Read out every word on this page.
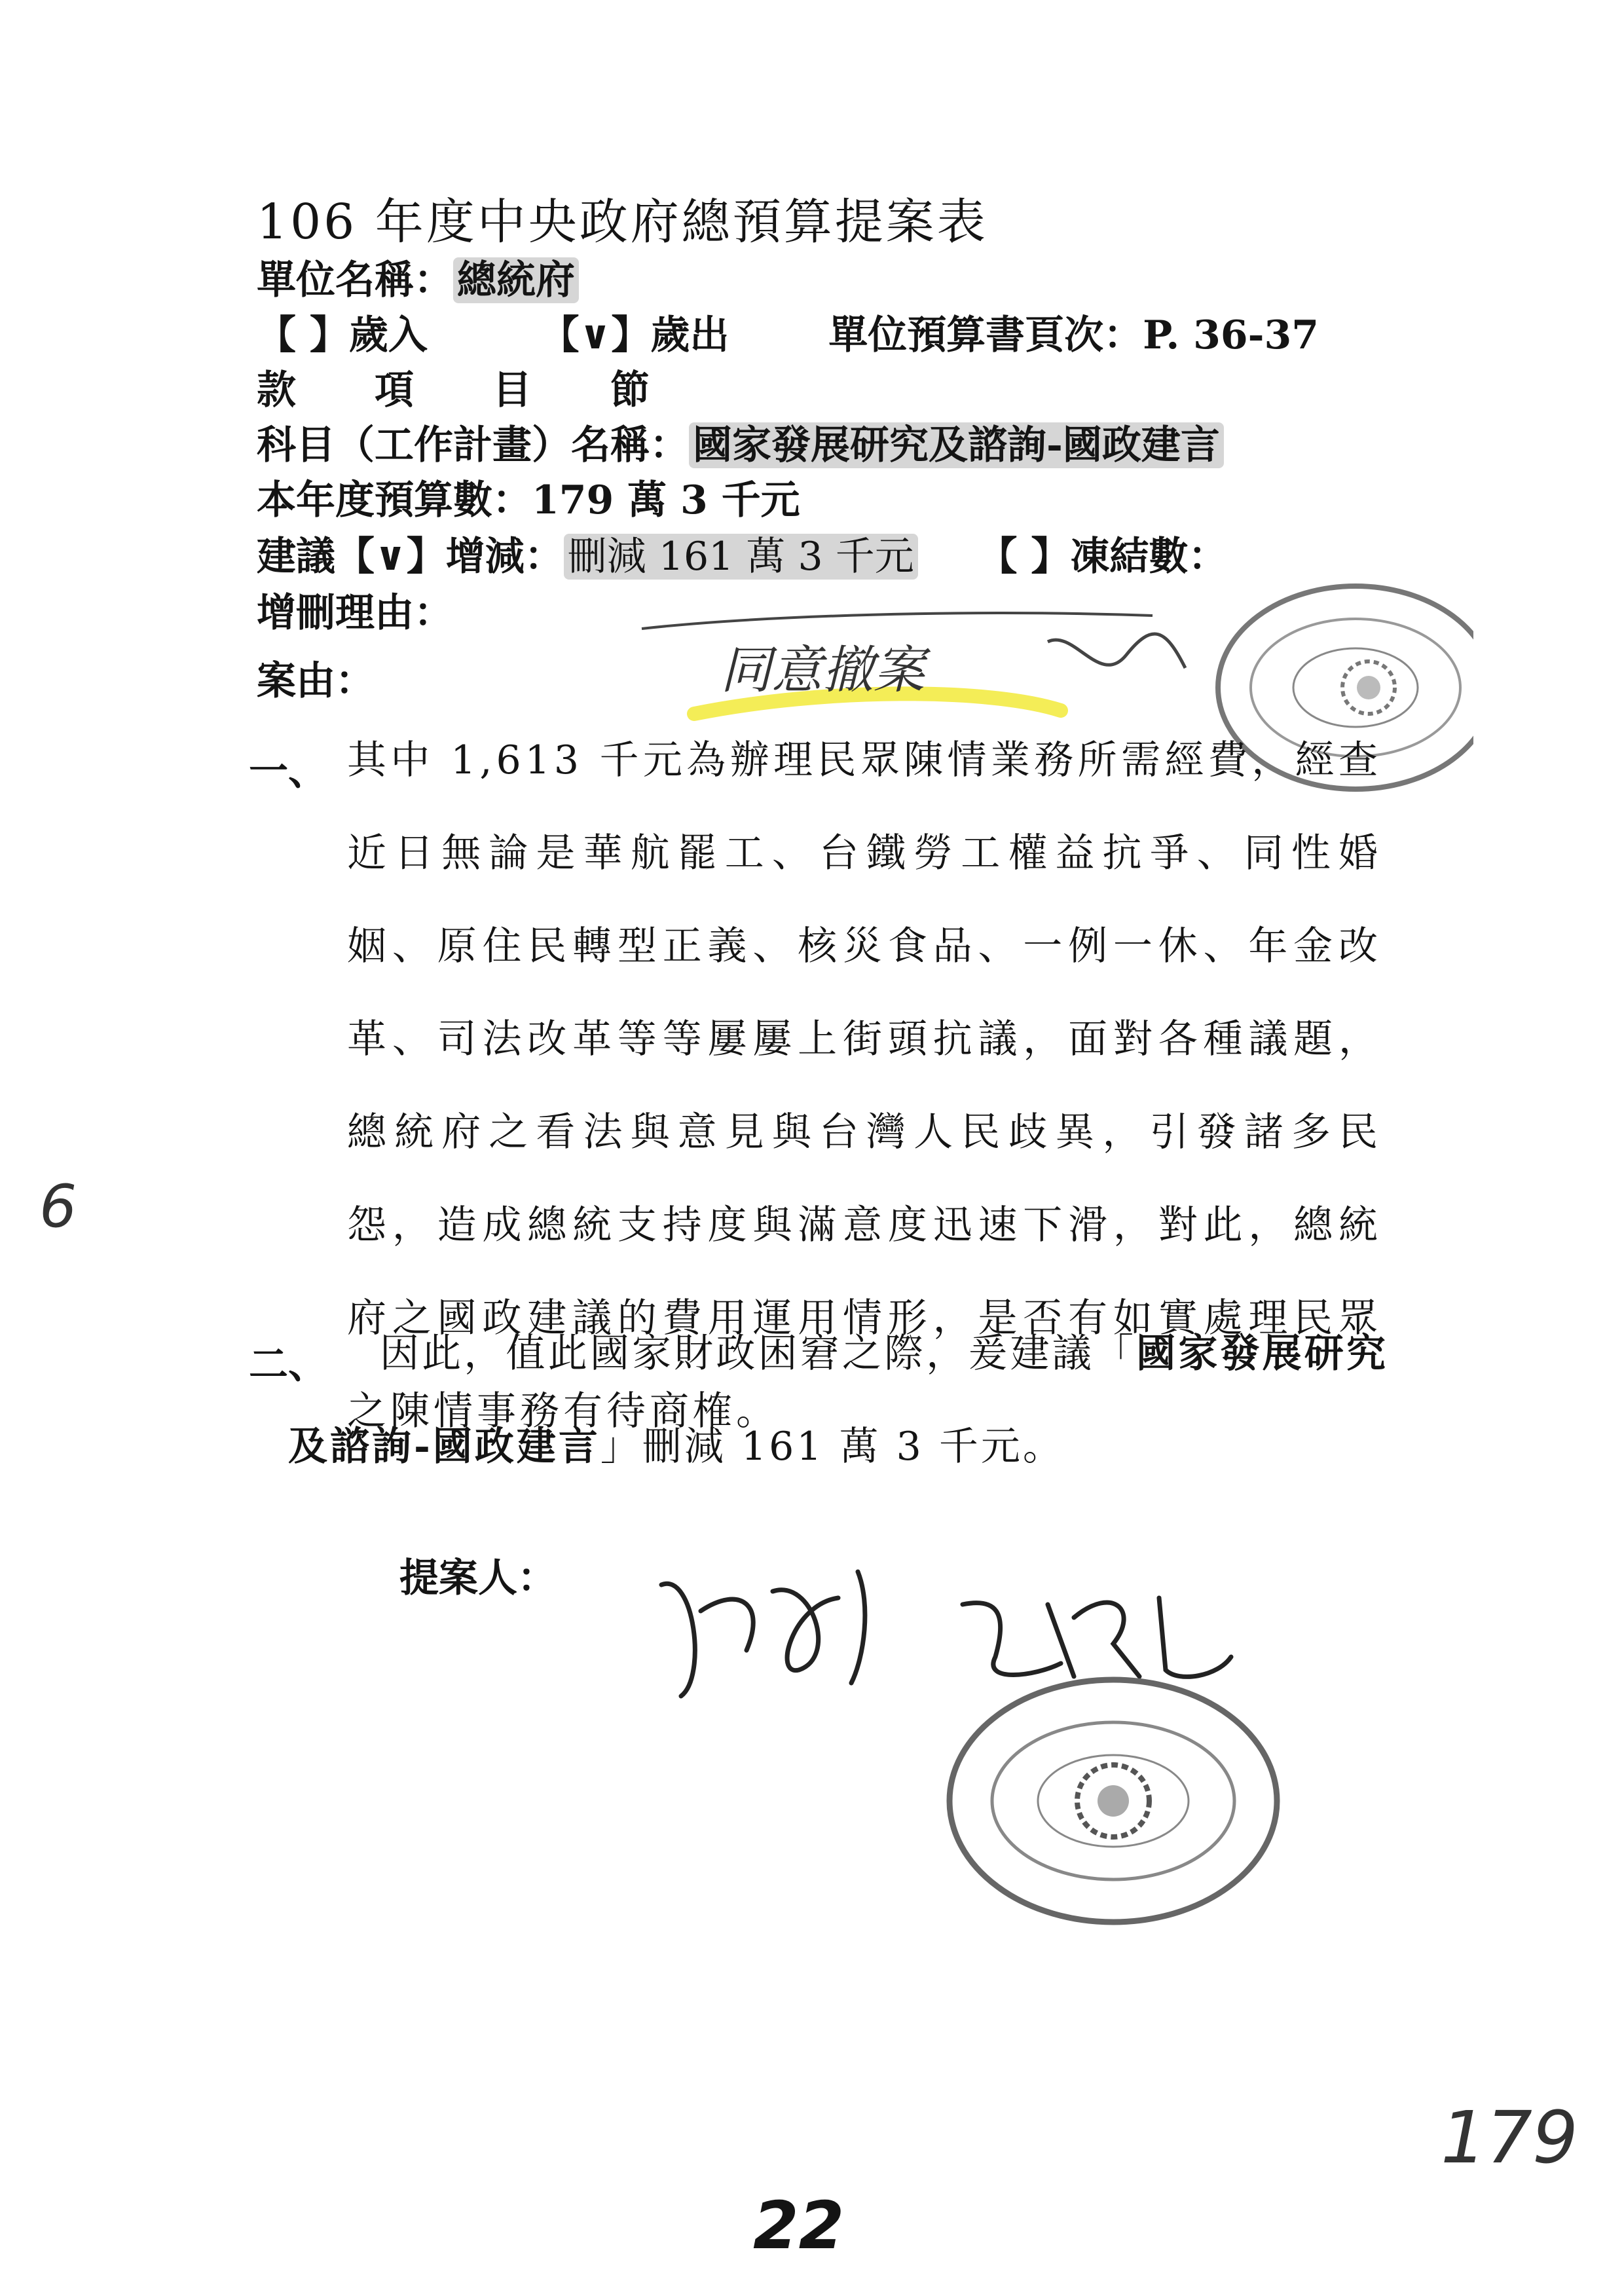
106 年度中央政府總預算提案表
單位名稱： 總統府
【 】歲入	【∨】歲出	單位預算書頁次：P. 36-37
款　　項　　目　　節
科目（工作計畫）名稱： 國家發展研究及諮詢-國政建言
本年度預算數：179 萬 3 千元
建議【∨】增減： 刪減 161 萬 3 千元 【 】凍結數：
增刪理由：
案由：	同意撤案
一、 其中 1,613 千元為辦理民眾陳情業務所需經費，經查近日無論是華航罷工、台鐵勞工權益抗爭、同性婚姻、原住民轉型正義、核災食品、一例一休、年金改革、司法改革等等屢屢上街頭抗議，面對各種議題，總統府之看法與意見與台灣人民歧異，引發諸多民怨，造成總統支持度與滿意度迅速下滑，對此，總統府之國政建議的費用運用情形，是否有如實處理民眾之陳情事務有待商榷。
二、	因此，值此國家財政困窘之際，爰建議「國家發展研究及諮詢-國政建言」刪減 161 萬 3 千元。
提案人：
6
179
22
